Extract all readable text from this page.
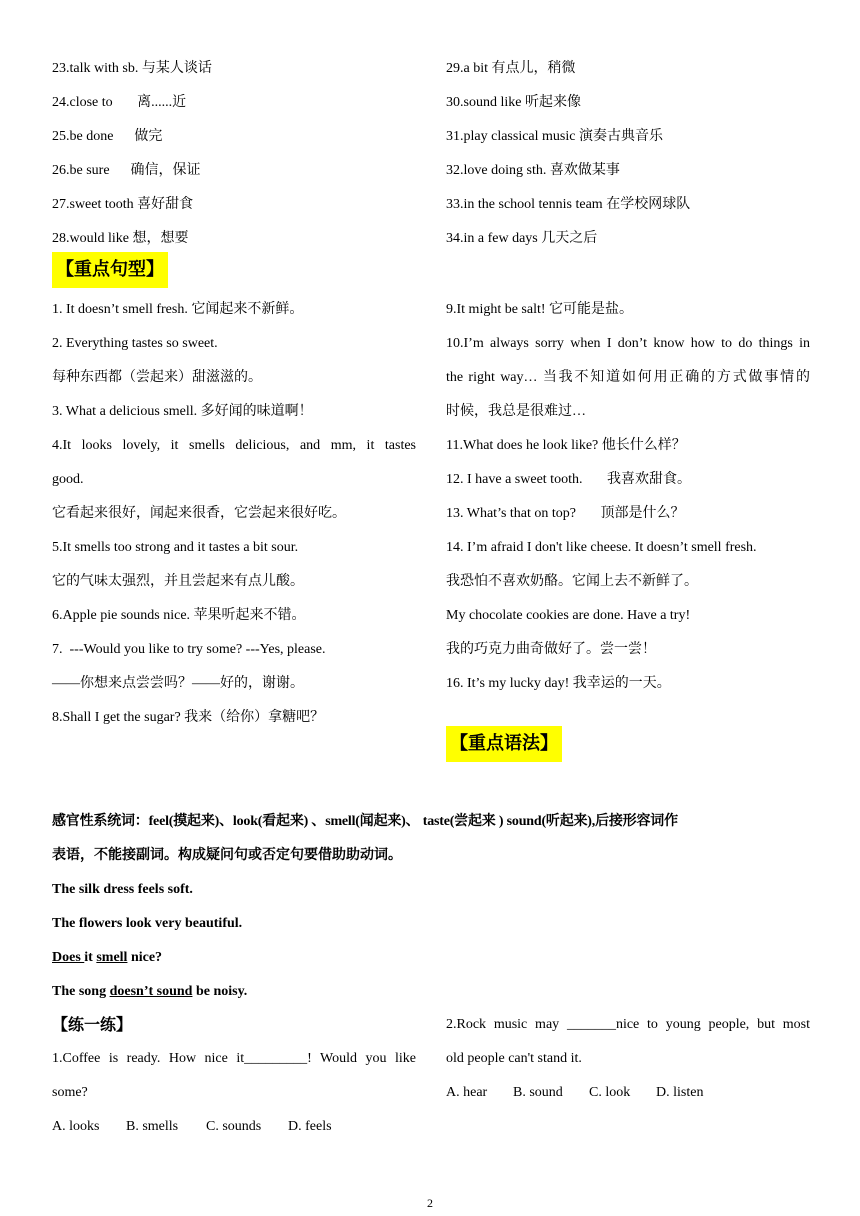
23.talk with sb. 与某人谈话
24.close to       离......近
25.be done      做完
26.be sure      确信，保证
27.sweet tooth 喜好甜食
28.would like 想，想要
29.a bit 有点儿，稍微
30.sound like 听起来像
31.play classical music 演奏古典音乐
32.love doing sth. 喜欢做某事
33.in the school tennis team 在学校网球队
34.in a few days 几天之后
【重点句型】
1. It doesn’t smell fresh. 它闻起来不新鲜。
2. Everything tastes so sweet.
每种东西都（尝起来）甜滋滋的。
3. What a delicious smell. 多好闻的味道啊！
4.It looks lovely, it smells delicious, and mm, it tastes
good.
它看起来很好，闻起来很香，它尝起来很好吃。
5.It smells too strong and it tastes a bit sour.
它的气味太强烈，并且尝起来有点儿酸。
6.Apple pie sounds nice. 苹果听起来不错。
7.  ---Would you like to try some? ---Yes, please.
——你想来点尝尝吗？——好的，谢谢。
8.Shall I get the sugar? 我来（给你）拿糖吧？
9.It might be salt! 它可能是盐。
10.I’m always sorry when I don’t know how to do things in
the right way… 当我不知道如何用正确的方式做事情的
时候，我总是很难过…
11.What does he look like? 他长什么样？
12. I have a sweet tooth.       我喜欢甜食。
13. What’s that on top?       顶部是什么？
14. I’m afraid I don't like cheese. It doesn’t smell fresh.
我恐怕不喜欢奶酪。它闻上去不新鲜了。
My chocolate cookies are done. Have a try!
我的巧克力曲奇做好了。尝一尝！
16. It’s my lucky day! 我幸运的一天。
【重点语法】
感官性系统词：feel(摸起来)、look(看起来) 、smell(闻起来)、 taste(尝起来 ) sound(听起来),后接形容词作
表语，不能接副词。构成疑问句或否定句要借助助动词。
The silk dress feels soft.
The flowers look very beautiful.
Does it smell nice?
The song doesn’t sound be noisy.
【练一练】
1.Coffee is ready. How nice it_________! Would you like
some?
A. looks B. smells C. sounds D. feels
2.Rock music may _______nice to young people, but most
old people can't stand it.
A. hear B. sound C. look D. listen
2
